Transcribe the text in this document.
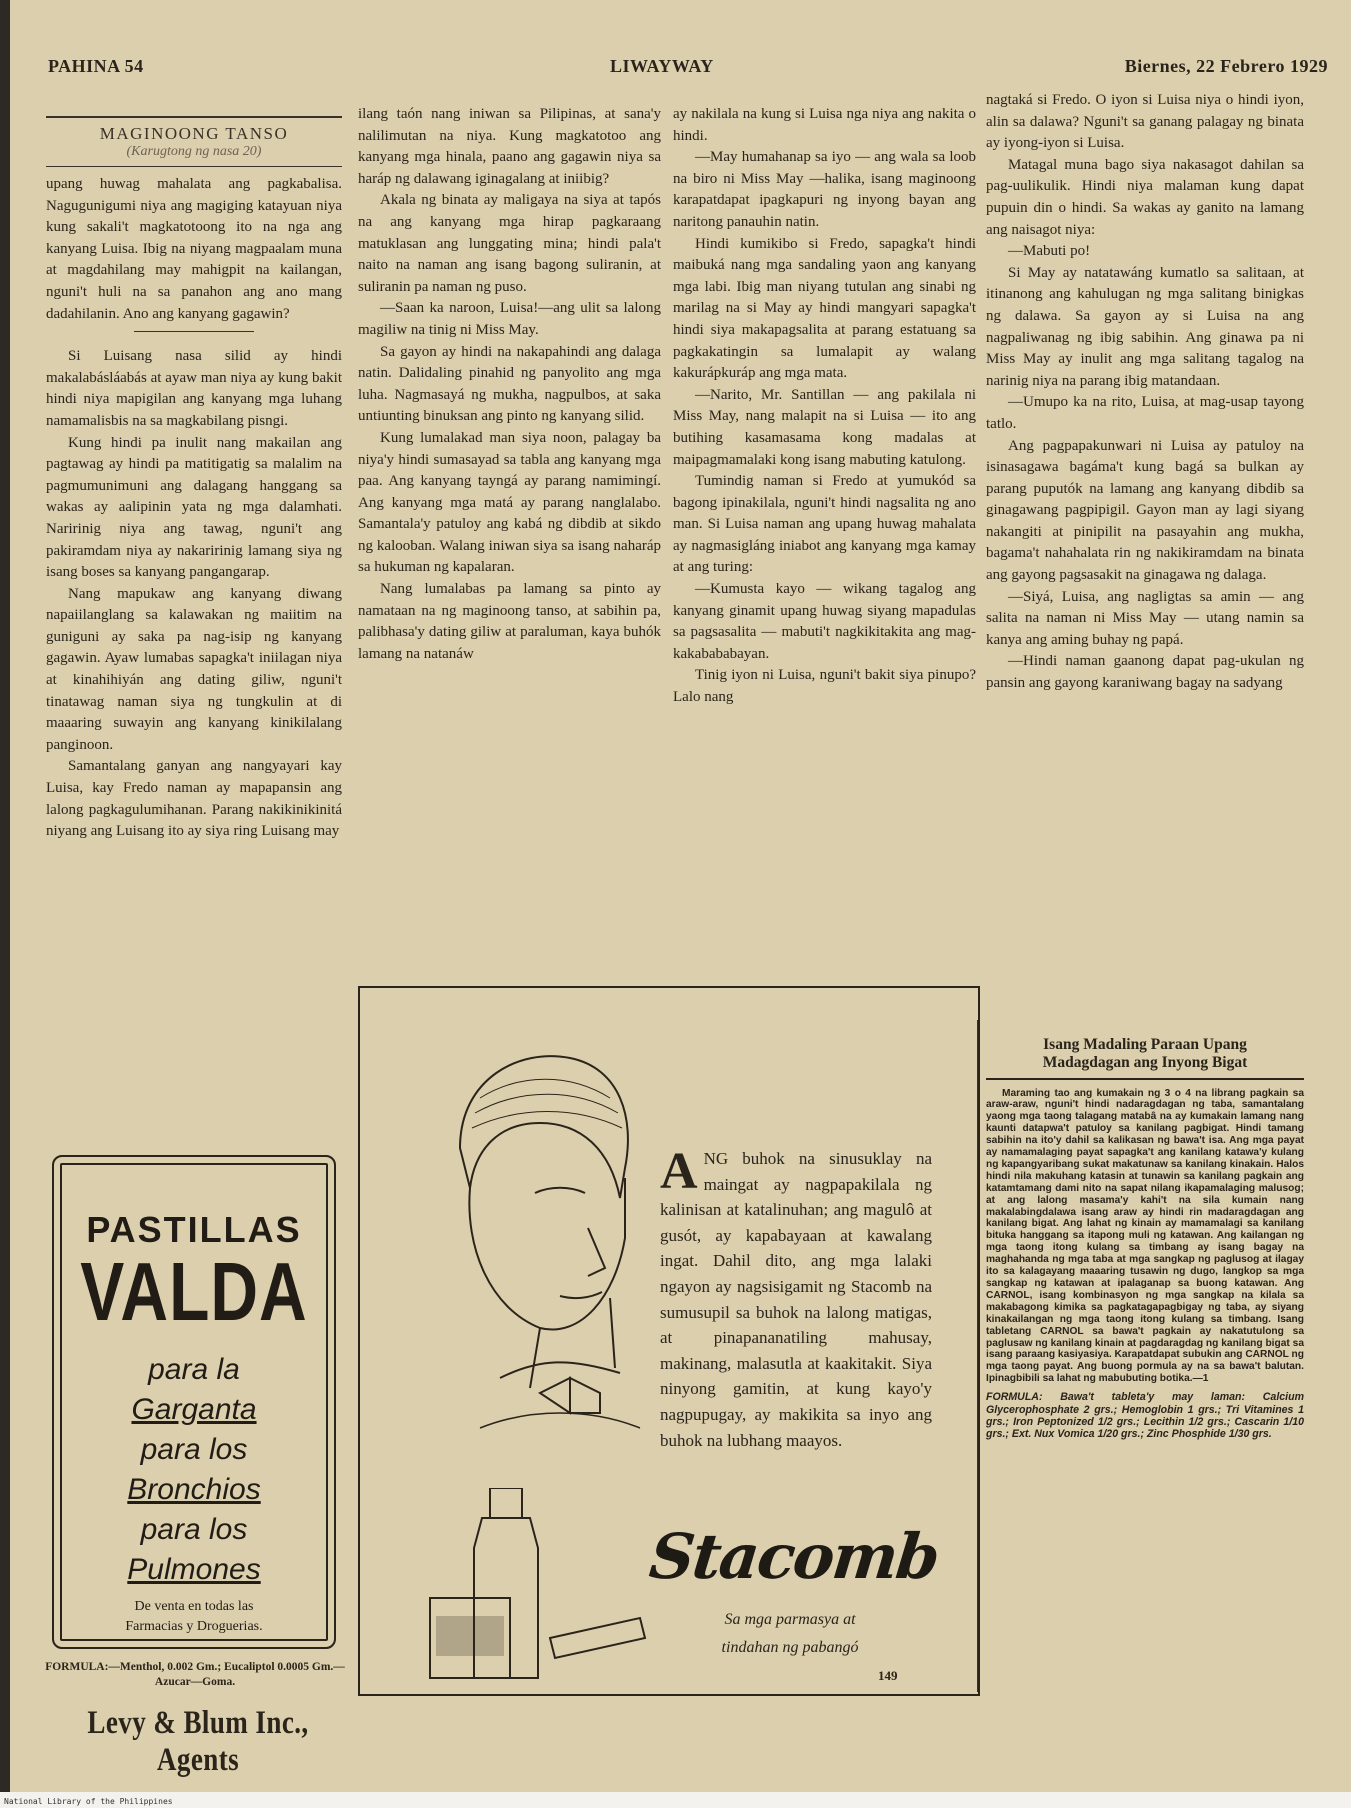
PAHINA 54	LIWAYWAY	Biernes, 22 Febrero 1929
MAGINOONG TANSO
(Karugtong ng nasa 20)

upang huwag mahalata ang pagkabalisa. Nagugunigumi niya ang magiging katayuan niya kung sakali't magkatotoong ito na nga ang kanyang Luisa. Ibig na niyang magpaalam muna at magdahilang may mahigpit na kailangan, nguni't huli na sa panahon ang ano mang dadahilanin. Ano ang kanyang gagawin?

Si Luisang nasa silid ay hindi makalabásláabás at ayaw man niya ay kung bakit hindi niya mapigilan ang kanyang mga luhang namamalisbis na sa magkabilang pisngi.

Kung hindi pa inulit nang makailan ang pagtawag ay hindi pa matitigatig sa malalim na pagmumunimuni ang dalagang hanggang sa wakas ay aalipinin yata ng mga dalamhati. Naririnig niya ang tawag, nguni't ang pakiramdam niya ay nakaririnig lamang siya ng isang boses sa kanyang pangangarap.

Nang mapukaw ang kanyang diwang napaiilanglang sa kalawakan ng maiitim na guniguni ay saka pa nag-isip ng kanyang gagawin. Ayaw lumabas sapagka't iniilagan niya at kinahihiyán ang dating giliw, nguni't tinatawag naman siya ng tungkulin at di maaaring suwayin ang kanyang kinikilalang panginoon.

Samantalang ganyan ang nangyayari kay Luisa, kay Fredo naman ay mapapansin ang lalong pagkagulumihanan. Parang nakikinikinitá niyang ang Luisang ito ay siya ring Luisang may

ilang taón nang iniwan sa Pilipinas, at sana'y nalilimutan na niya. Kung magkatotoo ang kanyang mga hinala, paano ang gagawin niya sa haráp ng dalawang iginagalang at iniibig?

Akala ng binata ay maligaya na siya at tapós na ang kanyang mga hirap pagkaraang matuklasan ang lunggating mina; hindi pala't naito na naman ang isang bagong suliranin, at suliranin pa naman ng puso.

—Saan ka naroon, Luisa!—ang ulit sa lalong magiliw na tinig ni Miss May.

Sa gayon ay hindi na nakapahindi ang dalaga natin. Dalidaling pinahid ng panyolito ang mga luha. Nagmasayá ng mukha, nagpulbos, at saka untiunting binuksan ang pinto ng kanyang silid.

Kung lumalakad man siya noon, palagay ba niya'y hindi sumasayad sa tabla ang kanyang mga paa. Ang kanyang tayngá ay parang namimingí. Ang kanyang mga matá ay parang nanglalabo. Samantala'y patuloy ang kabá ng dibdib at sikdo ng kalooban. Walang iniwan siya sa isang naharáp sa hukuman ng kapalaran.

Nang lumalabas pa lamang sa pinto ay namataan na ng maginoong tanso, at sabihin pa, palibhasa'y dating giliw at paraluman, kaya buhók lamang na natanáw

ay nakilala na kung si Luisa nga niya ang nakita o hindi.

—May humahanap sa iyo — ang wala sa loob na biro ni Miss May —halika, isang maginoong karapatdapat ipagkapuri ng inyong bayan ang naritong panauhin natin.

Hindi kumikibo si Fredo, sapagka't hindi maibuká nang mga sandaling yaon ang kanyang mga labi. Ibig man niyang tutulan ang sinabi ng marilag na si May ay hindi mangyari sapagka't hindi siya makapagsalita at parang estatuang sa pagkakatingin sa lumalapit ay walang kakurápkuráp ang mga mata.

—Narito, Mr. Santillan — ang pakilala ni Miss May, nang malapit na si Luisa — ito ang butihing kasamasama kong madalas at maipagmamalaki kong isang mabuting katulong.

Tumindig naman si Fredo at yumukód sa bagong ipinakilala, nguni't hindi nagsalita ng ano man. Si Luisa naman ang upang huwag mahalata ay nagmasigláng iniabot ang kanyang mga kamay at ang turing:

—Kumusta kayo — wikang tagalog ang kanyang ginamit upang huwag siyang mapadulas sa pagsasalita — mabuti't nagkikitakita ang mag-kakabababayan.

Tinig iyon ni Luisa, nguni't bakit siya pinupo? Lalo nang

nagtaká si Fredo. O iyon si Luisa niya o hindi iyon, alin sa dalawa? Nguni't sa ganang palagay ng binata ay iyong-iyon si Luisa.

Matagal muna bago siya nakasagot dahilan sa pag-uulikulik. Hindi niya malaman kung dapat pupuin din o hindi. Sa wakas ay ganito na lamang ang naisagot niya:

—Mabuti po!

Si May ay natatawáng kumatlo sa salitaan, at itinanong ang kahulugan ng mga salitang binigkas ng dalawa. Sa gayon ay si Luisa na ang nagpaliwanag ng ibig sabihin. Ang ginawa pa ni Miss May ay inulit ang mga salitang tagalog na narinig niya na parang ibig matandaan.

—Umupo ka na rito, Luisa, at mag-usap tayong tatlo.

Ang pagpapakunwari ni Luisa ay patuloy na isinasagawa bagáma't kung bagá sa bulkan ay parang puputók na lamang ang kanyang dibdib sa ginagawang pagpipigil. Gayon man ay lagi siyang nakangiti at pinipilit na pasayahin ang mukha, bagama't nahahalata rin ng nakikiramdam na binata ang gayong pagsasakit na ginagawa ng dalaga.

—Siyá, Luisa, ang nagligtas sa amin — ang salita na naman ni Miss May — utang namin sa kanya ang aming buhay ng papá.

—Hindi naman gaanong dapat pag-ukulan ng pansin ang gayong karaniwang bagay na sadyang

PASTILLAS
VALDA
para la
Garganta
para los
Bronchios
para los
Pulmones
De venta en todas las
Farmacias y Droguerias.
FORMULA:—Menthol, 0.002 Gm.; Eucaliptol 0.0005 Gm.—Azucar—Goma.
Levy & Blum Inc., Agents
ANG buhok na sinusuklay na maingat ay nagpapakilala ng kalinisan at katalinuhan; ang magulô at gusót, ay kapabayaan at kawalang ingat. Dahil dito, ang mga lalaki ngayon ay nagsisigamit ng Stacomb na sumusupil sa buhok na lalong matigas, at pinapananatiling mahusay, makinang, malasutla at kaakitakit. Siya ninyong gamitin, at kung kayo'y nagpupugay, ay makikita sa inyo ang buhok na lubhang maayos.
Stacomb
Sa mga parmasya at
tindahan ng pabangó
149
Isang Madaling Paraan Upang
Madagdagan ang Inyong Bigat

Maraming tao ang kumakain ng 3 o 4 na librang pagkain sa araw-araw, nguni't hindi nadaragdagan ng taba, samantalang yaong mga taong talagang matabâ na ay kumakain lamang nang kaunti datapwa't patuloy sa kanilang pagbigat. Hindi tamang sabihin na ito'y dahil sa kalikasan ng bawa't isa. Ang mga payat ay namamalaging payat sapagka't ang kanilang katawa'y kulang ng kapangyaribang sukat makatunaw sa kanilang kinakain. Halos hindi nila makuhang katasin at tunawin sa kanilang pagkain ang katamtamang dami nito na sapat nilang ikapamalaging malusog; at ang lalong masama'y kahi't na sila kumain nang makalabingdalawa isang araw ay hindi rin madaragdagan ang kanilang bigat. Ang lahat ng kinain ay mamamalagi sa kanilang bituka hanggang sa itapong muli ng katawan. Ang kailangan ng mga taong itong kulang sa timbang ay isang bagay na maghahanda ng mga taba at mga sangkap ng paglusog at ilagay ito sa kalagayang maaaring tusawin ng dugo, langkop sa mga sangkap ng katawan at ipalaganap sa buong katawan. Ang CARNOL, isang kombinasyon ng mga sangkap na kilala sa makabagong kimika sa pagkatagapagbigay ng taba, ay siyang kinakailangan ng mga taong itong kulang sa timbang. Isang tabletang CARNOL sa bawa't pagkain ay nakatutulong sa paglusaw ng kanilang kinain at pagdaragdag ng kanilang bigat sa isang paraang kasiyasiya. Karapatdapat subukin ang CARNOL ng mga taong payat. Ang buong pormula ay na sa bawa't balutan. Ipinagbibili sa lahat ng mabubuting botika.—1

FORMULA: Bawa't tableta'y may laman: Calcium Glycerophosphate 2 grs.; Hemoglobin 1 grs.; Tri Vitamines 1 grs.; Iron Peptonized 1/2 grs.; Lecithin 1/2 grs.; Cascarin 1/10 grs.; Ext. Nux Vomica 1/20 grs.; Zinc Phosphide 1/30 grs.
National Library of the Philippines
